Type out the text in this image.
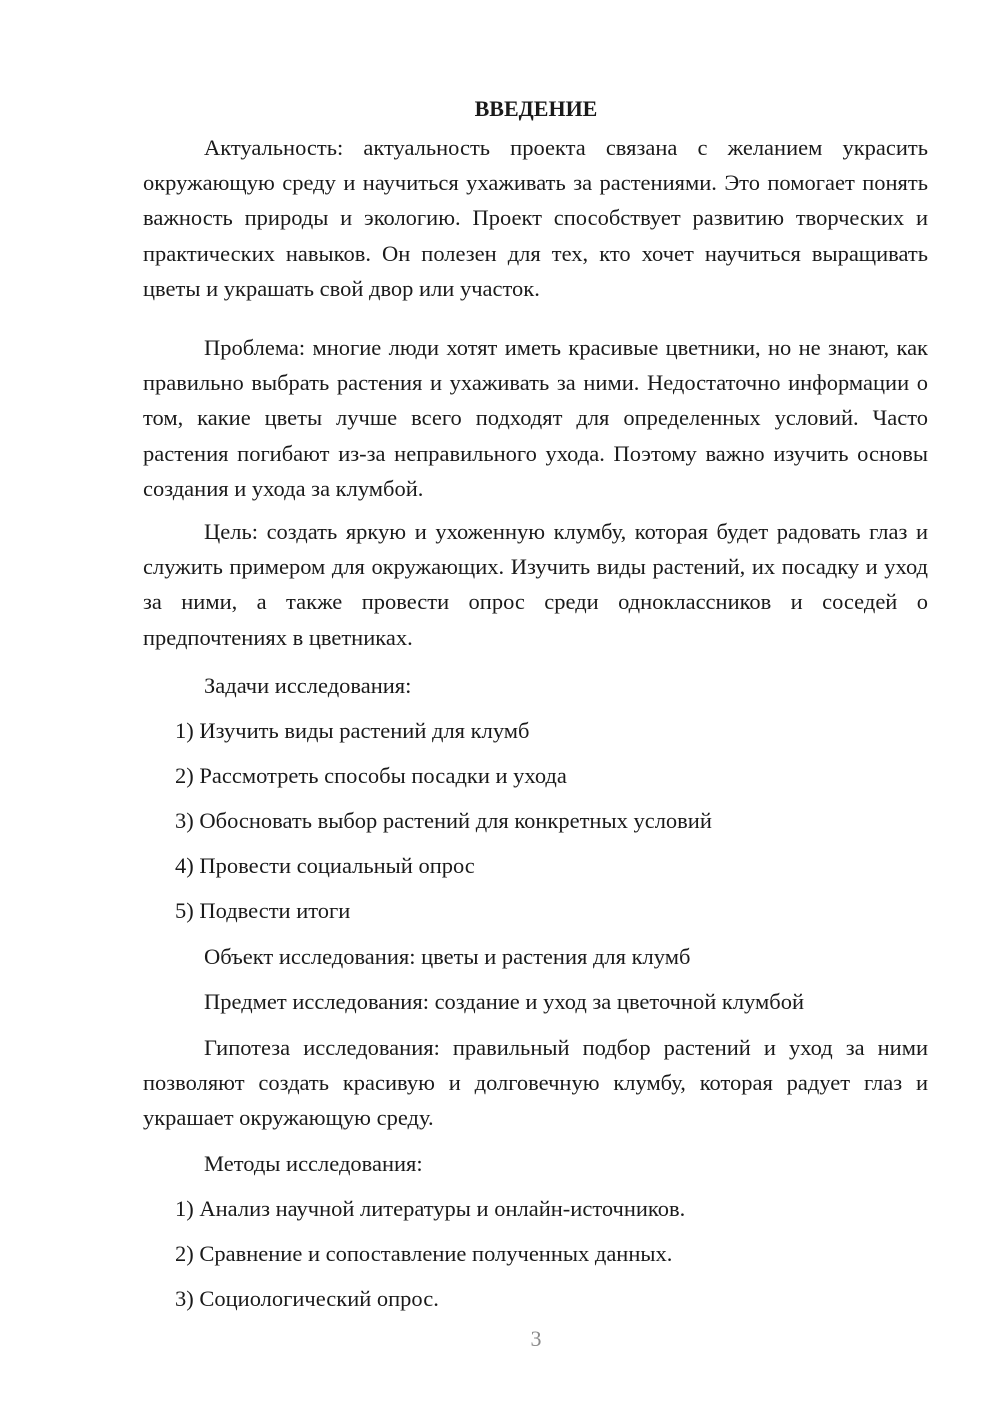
ВВЕДЕНИЕ

Актуальность: актуальность проекта связана с желанием украсить окружающую среду и научиться ухаживать за растениями. Это помогает понять важность природы и экологию. Проект способствует развитию творческих и практических навыков. Он полезен для тех, кто хочет научиться выращивать цветы и украшать свой двор или участок.

Проблема: многие люди хотят иметь красивые цветники, но не знают, как правильно выбрать растения и ухаживать за ними. Недостаточно информации о том, какие цветы лучше всего подходят для определенных условий. Часто растения погибают из-за неправильного ухода. Поэтому важно изучить основы создания и ухода за клумбой.

Цель: создать яркую и ухоженную клумбу, которая будет радовать глаз и служить примером для окружающих. Изучить виды растений, их посадку и уход за ними, а также провести опрос среди одноклассников и соседей о предпочтениях в цветниках.

Задачи исследования:
1) Изучить виды растений для клумб
2) Рассмотреть способы посадки и ухода
3) Обосновать выбор растений для конкретных условий
4) Провести социальный опрос
5) Подвести итоги
Объект исследования: цветы и растения для клумб
Предмет исследования: создание и уход за цветочной клумбой

Гипотеза исследования: правильный подбор растений и уход за ними позволяют создать красивую и долговечную клумбу, которая радует глаз и украшает окружающую среду.

Методы исследования:
1) Анализ научной литературы и онлайн-источников.
2) Сравнение и сопоставление полученных данных.
3) Социологический опрос.
3
